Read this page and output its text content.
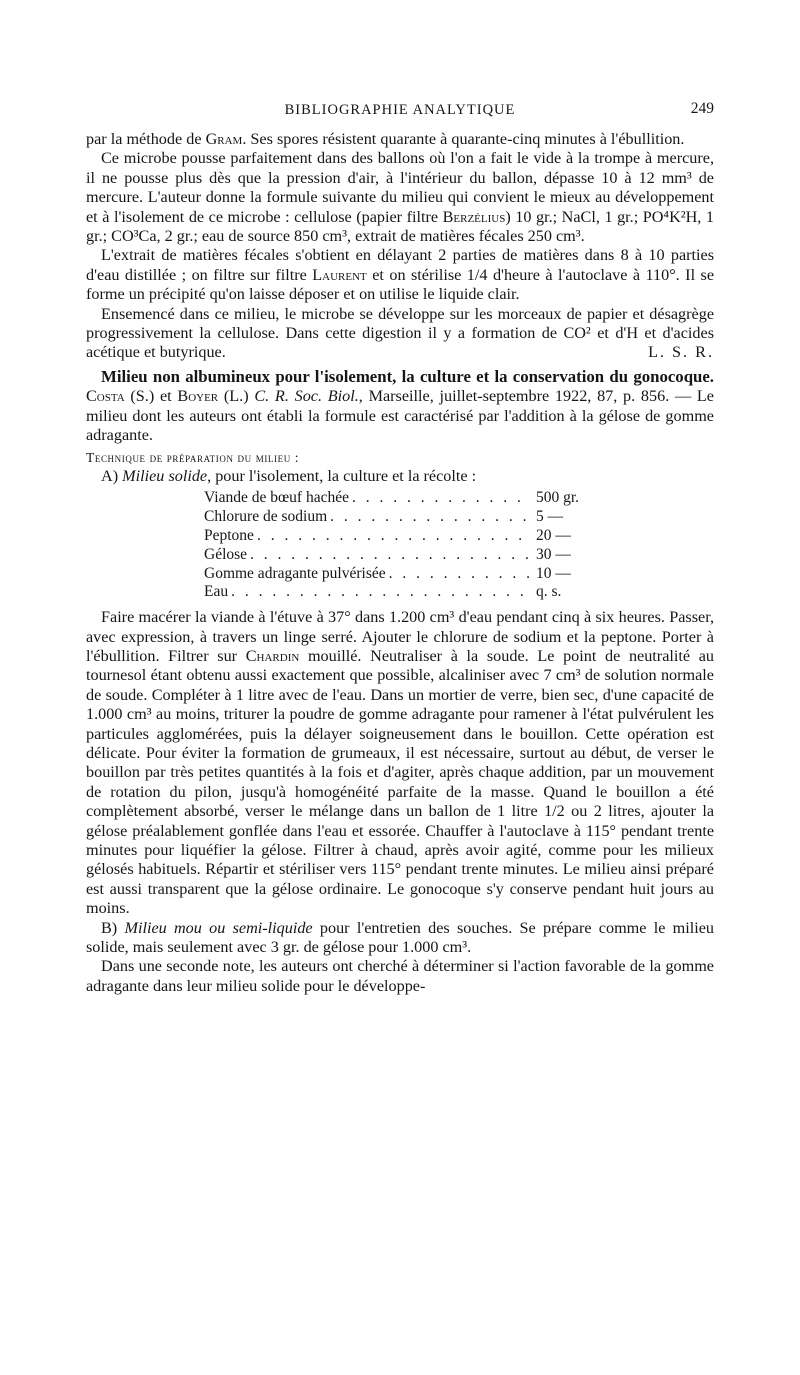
BIBLIOGRAPHIE ANALYTIQUE	249

par la méthode de Gram. Ses spores résistent quarante à quarante-cinq minutes à l'ébullition.

Ce microbe pousse parfaitement dans des ballons où l'on a fait le vide à la trompe à mercure, il ne pousse plus dès que la pression d'air, à l'intérieur du ballon, dépasse 10 à 12 mm³ de mercure. L'auteur donne la formule suivante du milieu qui convient le mieux au développement et à l'isolement de ce microbe : cellulose (papier filtre Berzélius) 10 gr.; NaCl, 1 gr.; PO⁴K²H, 1 gr.; CO³Ca, 2 gr.; eau de source 850 cm³, extrait de matières fécales 250 cm³.

L'extrait de matières fécales s'obtient en délayant 2 parties de matières dans 8 à 10 parties d'eau distillée ; on filtre sur filtre Laurent et on stérilise 1/4 d'heure à l'autoclave à 110°. Il se forme un précipité qu'on laisse déposer et on utilise le liquide clair.

Ensemencé dans ce milieu, le microbe se développe sur les morceaux de papier et désagrège progressivement la cellulose. Dans cette digestion il y a formation de CO² et d'H et d'acides acétique et butyrique.	L. S. R.

Milieu non albumineux pour l'isolement, la culture et la conservation du gonocoque. Costa (S.) et Boyer (L.) C. R. Soc. Biol., Marseille, juillet-septembre 1922, 87, p. 856. — Le milieu dont les auteurs ont établi la formule est caractérisé par l'addition à la gélose de gomme adragante.

Technique de préparation du milieu :

A) Milieu solide, pour l'isolement, la culture et la récolte :

Viande de bœuf hachée . . .	500 gr.
Chlorure de sodium . . .	5 —
Peptone . . .	20 —
Gélose . . .	30 —
Gomme adragante pulvérisée . . .	10 —
Eau . . .	q. s.

Faire macérer la viande à l'étuve à 37° dans 1.200 cm³ d'eau pendant cinq à six heures. Passer, avec expression, à travers un linge serré. Ajouter le chlorure de sodium et la peptone. Porter à l'ébullition. Filtrer sur Chardin mouillé. Neutraliser à la soude. Le point de neutralité au tournesol étant obtenu aussi exactement que possible, alcaliniser avec 7 cm³ de solution normale de soude. Compléter à 1 litre avec de l'eau. Dans un mortier de verre, bien sec, d'une capacité de 1.000 cm³ au moins, triturer la poudre de gomme adragante pour ramener à l'état pulvérulent les particules agglomérées, puis la délayer soigneusement dans le bouillon. Cette opération est délicate. Pour éviter la formation de grumeaux, il est nécessaire, surtout au début, de verser le bouillon par très petites quantités à la fois et d'agiter, après chaque addition, par un mouvement de rotation du pilon, jusqu'à homogénéité parfaite de la masse. Quand le bouillon a été complètement absorbé, verser le mélange dans un ballon de 1 litre 1/2 ou 2 litres, ajouter la gélose préalablement gonflée dans l'eau et essorée. Chauffer à l'autoclave à 115° pendant trente minutes pour liquéfier la gélose. Filtrer à chaud, après avoir agité, comme pour les milieux gélosés habituels. Répartir et stériliser vers 115° pendant trente minutes. Le milieu ainsi préparé est aussi transparent que la gélose ordinaire. Le gonocoque s'y conserve pendant huit jours au moins.

B) Milieu mou ou semi-liquide pour l'entretien des souches. Se prépare comme le milieu solide, mais seulement avec 3 gr. de gélose pour 1.000 cm³.

Dans une seconde note, les auteurs ont cherché à déterminer si l'action favorable de la gomme adragante dans leur milieu solide pour le développe-
